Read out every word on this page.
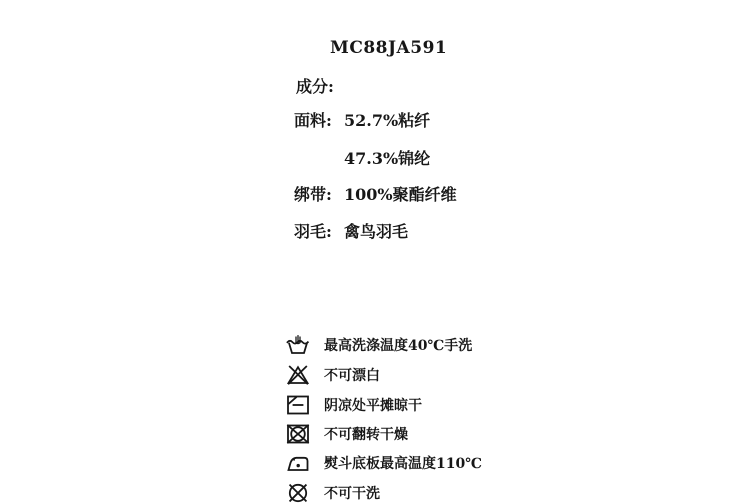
MC88JA591
成分:
面料: 52.7%粘纤
47.3%锦纶
绑带: 100%聚酯纤维
羽毛: 禽鸟羽毛
最高洗涤温度40℃手洗
不可漂白
阴凉处平摊晾干
不可翻转干燥
熨斗底板最高温度110℃
不可干洗
